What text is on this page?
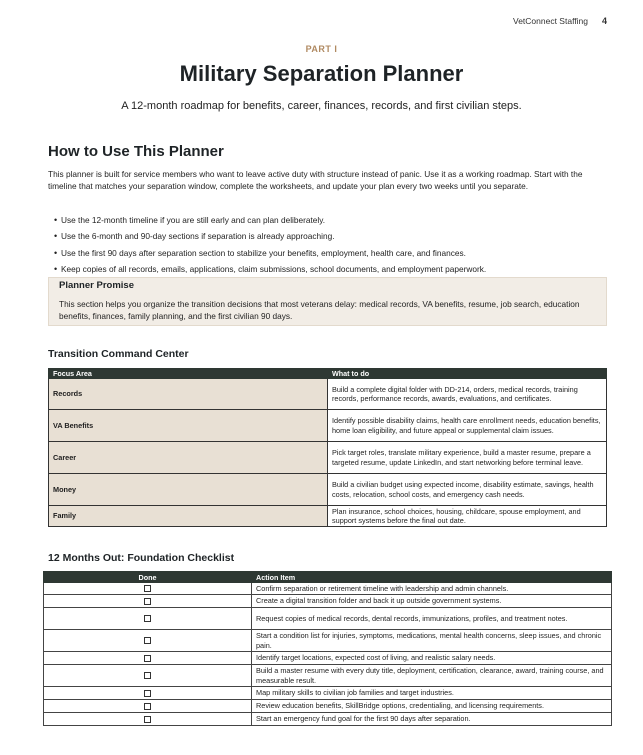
VetConnect Staffing 4
PART I
Military Separation Planner

A 12-month roadmap for benefits, career, finances, records, and first civilian steps.

How to Use This Planner

This planner is built for service members who want to leave active duty with structure instead of panic. Use it as a working roadmap. Start with the timeline that matches your separation window, complete the worksheets, and update your plan every two weeks until you separate.

• Use the 12-month timeline if you are still early and can plan deliberately.
• Use the 6-month and 90-day sections if separation is already approaching.
• Use the first 90 days after separation section to stabilize your benefits, employment, health care, and finances.
• Keep copies of all records, emails, applications, claim submissions, school documents, and employment paperwork.

Planner Promise

This section helps you organize the transition decisions that most veterans delay: medical records, VA benefits, resume, job search, education benefits, finances, family planning, and the first civilian 90 days.

Transition Command Center
Focus Area	What to do
Records	Build a complete digital folder with DD-214, orders, medical records, training records, performance records, awards, evaluations, and certificates.
VA Benefits	Identify possible disability claims, health care enrollment needs, education benefits, home loan eligibility, and future appeal or supplemental claim issues.
Career	Pick target roles, translate military experience, build a master resume, prepare a targeted resume, update LinkedIn, and start networking before terminal leave.
Money	Build a civilian budget using expected income, disability estimate, savings, health costs, relocation, school costs, and emergency cash needs.
Family	Plan insurance, school choices, housing, childcare, spouse employment, and support systems before the final out date.
12 Months Out: Foundation Checklist
Done	Action Item
	Confirm separation or retirement timeline with leadership and admin channels.
	Create a digital transition folder and back it up outside government systems.
	Request copies of medical records, dental records, immunizations, profiles, and treatment notes.
	Start a condition list for injuries, symptoms, medications, mental health concerns, sleep issues, and chronic pain.
	Identify target locations, expected cost of living, and realistic salary needs.
	Build a master resume with every duty title, deployment, certification, clearance, award, training course, and measurable result.
	Map military skills to civilian job families and target industries.
	Review education benefits, SkillBridge options, credentialing, and licensing requirements.
	Start an emergency fund goal for the first 90 days after separation.
